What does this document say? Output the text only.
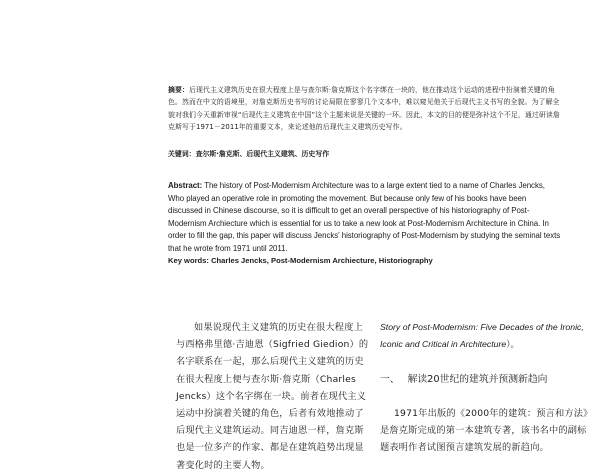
摘要：后现代主义建筑历史在很大程度上是与查尔斯·詹克斯这个名字绑在一块的，他在推动这个运动的进程中扮演着关键的角色。然而在中文的语境里，对詹克斯历史书写的讨论局限在寥寥几个文本中，难以窥见他关于后现代主义书写的全貌。为了解全貌对我们今天重新审视“后现代主义建筑在中国”这个主题来说是关键的一环。因此，本文的目的便是弥补这个不足，通过研读詹克斯写于1971－2011年的重要文本，来论述他的后现代主义建筑历史写作。
关键词：查尔斯·詹克斯、后现代主义建筑、历史写作
Abstract: The history of Post-Modernism Architecture was to a large extent tied to a name of Charles Jencks, Who played an operative role in promoting the movement. But because only few of his books have been discussed in Chinese discourse, so it is difficult to get an overall perspective of his historiography of Post-Modernism Archiecture which is essential for us to take a new look at Post-Modernism Architecture in China. In order to fill the gap, this paper will discuss Jencks' historiography of Post-Modernism by studying the seminal texts that he wrote from 1971 until 2011.
Key words: Charles Jencks, Post-Modernism Archiecture, Historiography

如果说现代主义建筑的历史在很大程度上与西格弗里德·吉迪恩（Sigfried Giedion）的名字联系在一起，那么后现代主义建筑的历史在很大程度上便与查尔斯·詹克斯（Charles Jencks）这个名字绑在一块。前者在现代主义运动中扮演着关键的角色，后者有效地推动了后现代主义建筑运动。同吉迪恩一样，詹克斯也是一位多产的作家、都是在建筑趋势出现显著变化时的主要人物。

Story of Post-Modernism: Five Decades of the Ironic, Iconic and Critical in Architecture）。
一、 解读20世纪的建筑并预测新趋向

1971年出版的《2000年的建筑：预言和方法》是詹克斯完成的第一本建筑专著，该书名中的副标题表明作者试图预言建筑发展的新趋向。
